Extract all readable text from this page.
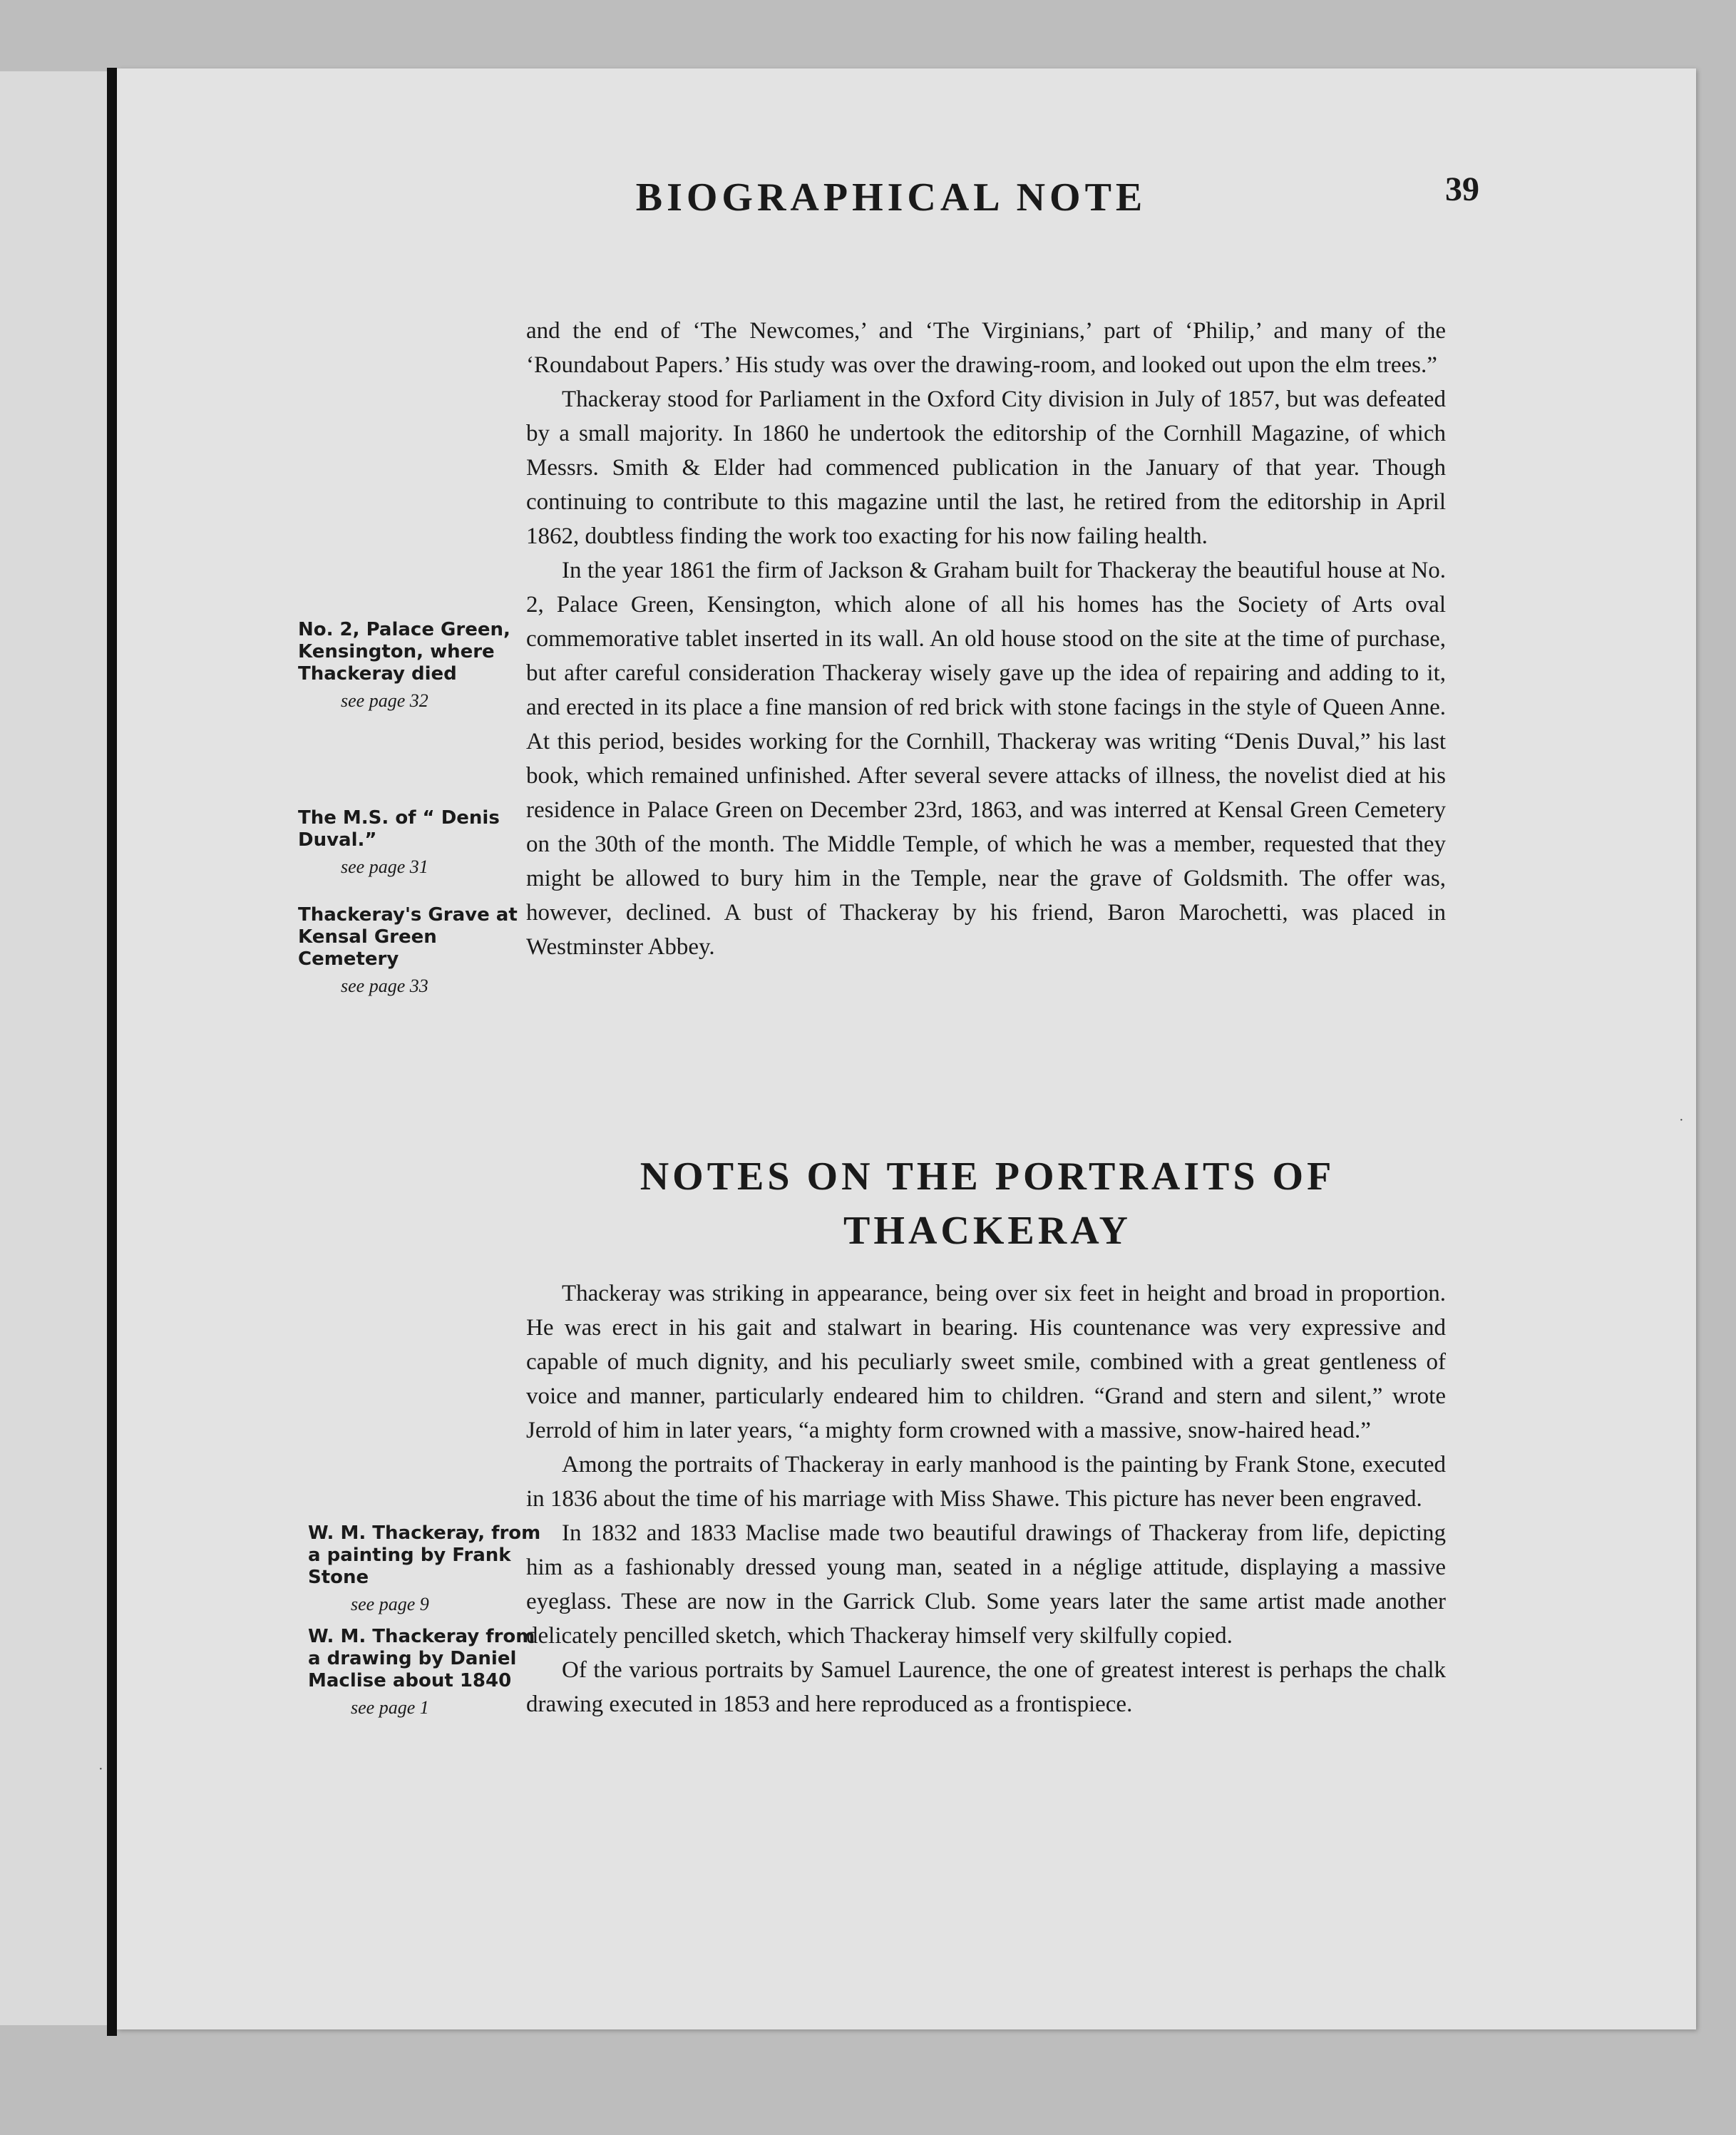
BIOGRAPHICAL NOTE	39

and the end of ‘The Newcomes,’ and ‘The Virginians,’ part of ‘Philip,’ and many of the ‘Roundabout Papers.’ His study was over the drawing-room, and looked out upon the elm trees.”

Thackeray stood for Parliament in the Oxford City division in July of 1857, but was defeated by a small majority. In 1860 he undertook the editorship of the Cornhill Magazine, of which Messrs. Smith & Elder had commenced publication in the January of that year. Though continuing to contribute to this magazine until the last, he retired from the editorship in April 1862, doubtless finding the work too exacting for his now failing health.

In the year 1861 the firm of Jackson & Graham built for Thackeray the beautiful house at No. 2, Palace Green, Kensington, which alone of all his homes has the Society of Arts oval commemorative tablet inserted in its wall. An old house stood on the site at the time of purchase, but after careful consideration Thackeray wisely gave up the idea of repairing and adding to it, and erected in its place a fine mansion of red brick with stone facings in the style of Queen Anne. At this period, besides working for the Cornhill, Thackeray was writing “Denis Duval,” his last book, which remained unfinished. After several severe attacks of illness, the novelist died at his residence in Palace Green on December 23rd, 1863, and was interred at Kensal Green Cemetery on the 30th of the month. The Middle Temple, of which he was a member, requested that they might be allowed to bury him in the Temple, near the grave of Goldsmith. The offer was, however, declined. A bust of Thackeray by his friend, Baron Marochetti, was placed in Westminster Abbey.

NOTES ON THE PORTRAITS OF
THACKERAY

Thackeray was striking in appearance, being over six feet in height and broad in proportion. He was erect in his gait and stalwart in bearing. His countenance was very expressive and capable of much dignity, and his peculiarly sweet smile, combined with a great gentleness of voice and manner, particularly endeared him to children. “Grand and stern and silent,” wrote Jerrold of him in later years, “a mighty form crowned with a massive, snow-haired head.”

Among the portraits of Thackeray in early manhood is the painting by Frank Stone, executed in 1836 about the time of his marriage with Miss Shawe. This picture has never been engraved.

In 1832 and 1833 Maclise made two beautiful drawings of Thackeray from life, depicting him as a fashionably dressed young man, seated in a néglige attitude, displaying a massive eyeglass. These are now in the Garrick Club. Some years later the same artist made another delicately pencilled sketch, which Thackeray himself very skilfully copied.

Of the various portraits by Samuel Laurence, the one of greatest interest is perhaps the chalk drawing executed in 1853 and here reproduced as a frontispiece.

No. 2, Palace Green, Kensington, where Thackeray died
see page 32
The M.S. of “ Denis Duval.”
see page 31
Thackeray's Grave at Kensal Green Cemetery
see page 33
W. M. Thackeray, from a painting by Frank Stone
see page 9
W. M. Thackeray from a drawing by Daniel Maclise about 1840
see page 1
·
·
